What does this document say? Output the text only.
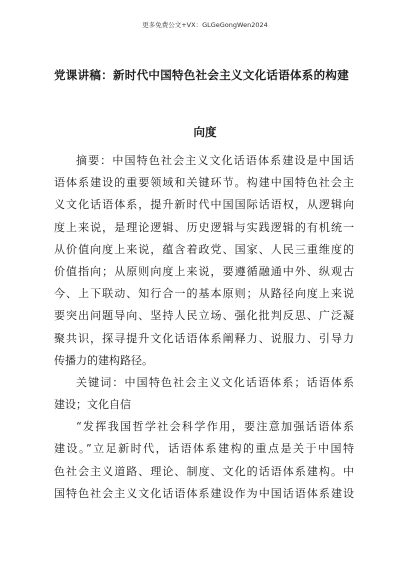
更多免费公文+VX：GLGeGongWen2024
党课讲稿：新时代中国特色社会主义文化话语体系的构建
向度
摘要：中国特色社会主义文化话语体系建设是中国话
语体系建设的重要领域和关键环节。构建中国特色社会主
义文化话语体系，提升新时代中国国际话语权，从逻辑向
度上来说，是理论逻辑、历史逻辑与实践逻辑的有机统一
从价值向度上来说，蕴含着政党、国家、人民三重维度的
价值指向；从原则向度上来说，要遵循融通中外、纵观古
今、上下联动、知行合一的基本原则；从路径向度上来说
要突出问题导向、坚持人民立场、强化批判反思、广泛凝
聚共识，探寻提升文化话语体系阐释力、说服力、引导力
传播力的建构路径。
关键词：中国特色社会主义文化话语体系；话语体系
建设；文化自信
“发挥我国哲学社会科学作用，要注意加强话语体系
建设。”立足新时代，话语体系建构的重点是关于中国特
色社会主义道路、理论、制度、文化的话语体系建构。中
国特色社会主义文化话语体系建设作为中国话语体系建设
